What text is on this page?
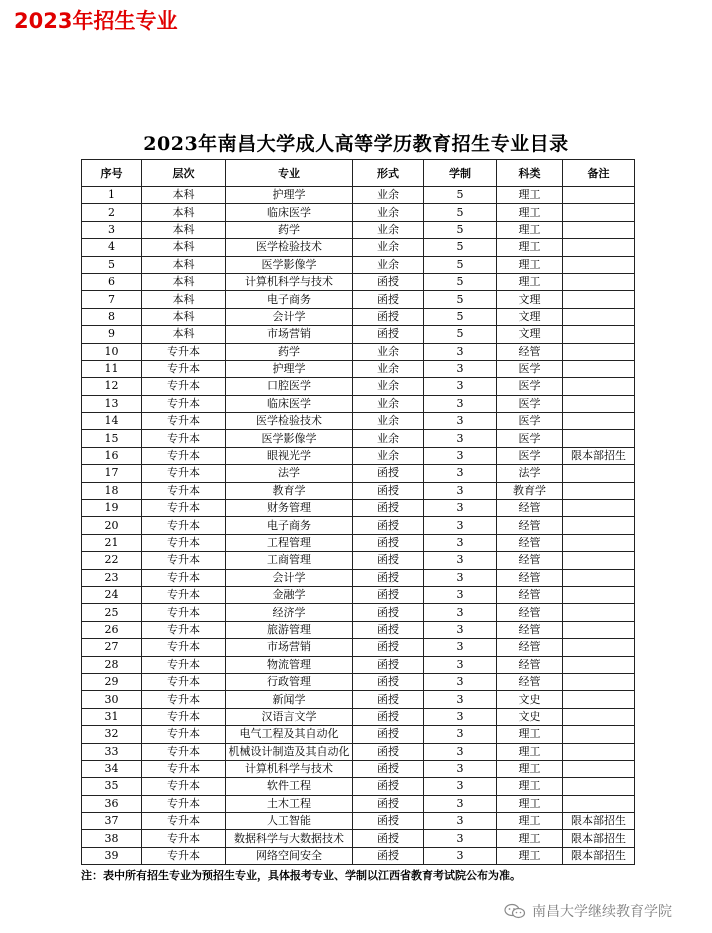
2023年招生专业
2023年南昌大学成人高等学历教育招生专业目录
序号	层次	专业	形式	学制	科类	备注
1	本科	护理学	业余	5	理工	
2	本科	临床医学	业余	5	理工	
3	本科	药学	业余	5	理工	
4	本科	医学检验技术	业余	5	理工	
5	本科	医学影像学	业余	5	理工	
6	本科	计算机科学与技术	函授	5	理工	
7	本科	电子商务	函授	5	文理	
8	本科	会计学	函授	5	文理	
9	本科	市场营销	函授	5	文理	
10	专升本	药学	业余	3	经管	
11	专升本	护理学	业余	3	医学	
12	专升本	口腔医学	业余	3	医学	
13	专升本	临床医学	业余	3	医学	
14	专升本	医学检验技术	业余	3	医学	
15	专升本	医学影像学	业余	3	医学	
16	专升本	眼视光学	业余	3	医学	限本部招生
17	专升本	法学	函授	3	法学	
18	专升本	教育学	函授	3	教育学	
19	专升本	财务管理	函授	3	经管	
20	专升本	电子商务	函授	3	经管	
21	专升本	工程管理	函授	3	经管	
22	专升本	工商管理	函授	3	经管	
23	专升本	会计学	函授	3	经管	
24	专升本	金融学	函授	3	经管	
25	专升本	经济学	函授	3	经管	
26	专升本	旅游管理	函授	3	经管	
27	专升本	市场营销	函授	3	经管	
28	专升本	物流管理	函授	3	经管	
29	专升本	行政管理	函授	3	经管	
30	专升本	新闻学	函授	3	文史	
31	专升本	汉语言文学	函授	3	文史	
32	专升本	电气工程及其自动化	函授	3	理工	
33	专升本	机械设计制造及其自动化	函授	3	理工	
34	专升本	计算机科学与技术	函授	3	理工	
35	专升本	软件工程	函授	3	理工	
36	专升本	土木工程	函授	3	理工	
37	专升本	人工智能	函授	3	理工	限本部招生
38	专升本	数据科学与大数据技术	函授	3	理工	限本部招生
39	专升本	网络空间安全	函授	3	理工	限本部招生
注：表中所有招生专业为预招生专业，具体报考专业、学制以江西省教育考试院公布为准。
南昌大学继续教育学院
